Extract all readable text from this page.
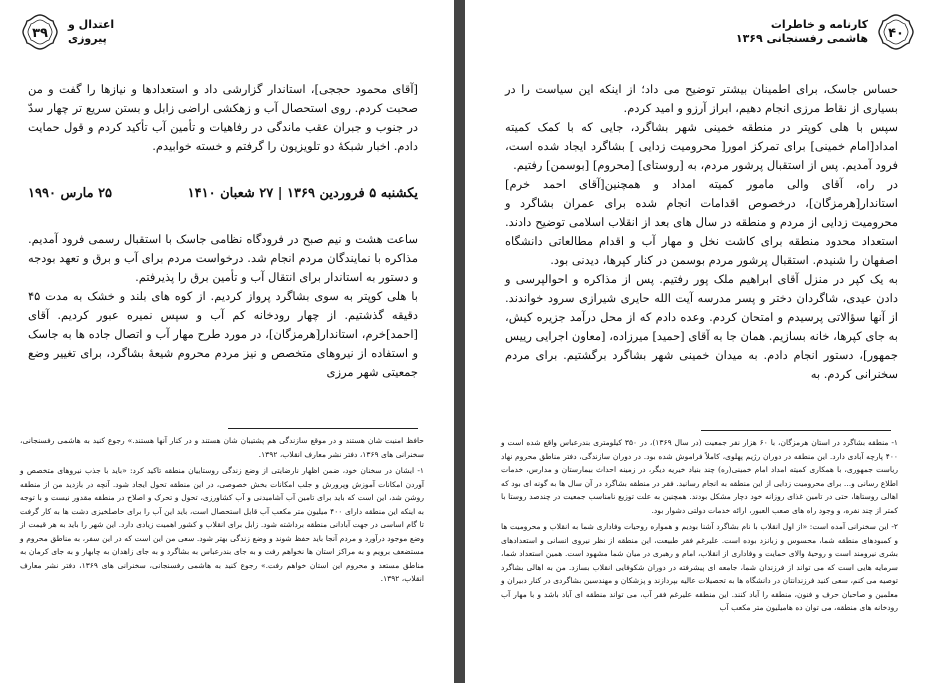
۳۹
اعتدال و
پیروزی

[آقای محمود حججی]، استاندار گزارشی داد و استعدادها و نیازها را گفت و من صحبت کردم. روی استحصال آب و زهکشی اراضی زابل و بستن سریع تر چهار سدّ در جنوب و جبران عقب ماندگی در رفاهیات و تأمین آب تأکید کردم و قول حمایت دادم. اخبار شبکهٔ دو تلویزیون را گرفتم و خسته خوابیدم.

یکشنبه ۵ فروردین ۱۳۶۹ | ۲۷ شعبان ۱۴۱۰
۲۵ مارس ۱۹۹۰

ساعت هشت و نیم صبح در فرودگاه نظامی جاسک با استقبال رسمی فرود آمدیم. مذاکره با نمایندگان مردم انجام شد. درخواست مردم برای آب و برق و تعهد بودجه و دستور به استاندار برای انتقال آب و تأمین برق را پذیرفتم.

با هلی کوپتر به سوی بشاگرد پرواز کردیم. از کوه های بلند و خشک به مدت ۴۵ دقیقه گذشتیم. از چهار رودخانه کم آب و سپس نمیره عبور کردیم. آقای [احمد]خرم، استاندار[هرمزگان]، در مورد طرح مهار آب و اتصال جاده ها به جاسک و استفاده از نیروهای متخصص و نیز مردم محروم شیعهٔ بشاگرد، برای تغییر وضع جمعیتی شهر مرزی

حافظ امنیت شان هستند و در موقع سازندگی هم پشتیبان شان هستند و در کنار آنها هستند.» رجوع کنید به هاشمی رفسنجانی، سخنرانی های ۱۳۶۹، دفتر نشر معارف انقلاب، ۱۳۹۲.

۱- ایشان در سخنان خود، ضمن اظهار نارضایتی از وضع زندگی روستاییان منطقه تاکید کرد: «باید با جذب نیروهای متخصص و آوردن امکانات آموزش وپرورش و جلب امکانات بخش خصوصی، در این منطقه تحول ایجاد شود. آنچه در بازدید من از منطقه روشن شد، این است که باید برای تامین آب آشامیدنی و آب کشاورزی، تحول و تحرک و اصلاح در منطقه مقدور نیست و با توجه به اینکه این منطقه دارای ۴۰۰ میلیون متر مکعب آب قابل استحصال است، باید این آب را برای حاصلخیزی دشت ها به کار گرفت تا گام اساسی در جهت آبادانی منطقه برداشته شود. زابل برای انقلاب و کشور اهمیت زیادی دارد. این شهر را باید به هر قیمت از وضع موجود درآورد و مردم آنجا باید حفظ شوند و وضع زندگی بهتر شود. سعی من این است که در این سفر، به مناطق محروم و مستضعف برویم و به مراکز استان ها نخواهم رفت و به جای بندرعباس به بشاگرد و به جای زاهدان به چابهار و به جای کرمان به مناطق مستعد و محروم این استان خواهم رفت.» رجوع کنید به هاشمی رفسنجانی، سخنرانی های ۱۳۶۹، دفتر نشر معارف انقلاب، ۱۳۹۲.

۴۰
کارنامه و خاطرات
هاشمی رفسنجانی ۱۳۶۹

حساس جاسک، برای اطمینان بیشتر توضیح می داد؛ از اینکه این سیاست را در بسیاری از نقاط مرزی انجام دهیم، ابراز آرزو و امید کردم.

سپس با هلی کوپتر در منطقه خمینی شهر بشاگرد، جایی که با کمک کمیته امداد[امام خمینی] برای تمرکز امور[ محرومیت زدایی ] بشاگرد ایجاد شده است، فرود آمدیم. پس از استقبال پرشور مردم، به [روستای] [محروم] [بوسمن] رفتیم.

در راه، آقای والی مامور کمیته امداد و همچنین[آقای احمد خرم] استاندار[هرمزگان]، درخصوص اقدامات انجام شده برای عمران بشاگرد و محرومیت زدایی از مردم و منطقه در سال های بعد از انقلاب اسلامی توضیح دادند. استعداد محدود منطقه برای کاشت نخل و مهار آب و اقدام مطالعاتی دانشگاه اصفهان را شنیدم. استقبال پرشور مردم بوسمن در کنار کپرها، دیدنی بود.

به یک کپر در منزل آقای ابراهیم ملک پور رفتیم. پس از مذاکره و احوالپرسی و دادن عیدی، شاگردان دختر و پسر مدرسه آیت الله حایری شیرازی سرود خواندند. از آنها سؤالاتی پرسیدم و امتحان کردم. وعده دادم که از محل درآمد جزیره کیش، به جای کپرها، خانه بسازیم. همان جا به آقای [حمید] میرزاده، [معاون اجرایی رییس جمهور]، دستور انجام دادم. به میدان خمینی شهر بشاگرد برگشتیم. برای مردم سخنرانی کردم. به

۱- منطقه بشاگرد در استان هرمزگان، با ۶۰ هزار نفر جمعیت (در سال ۱۳۶۹)، در ۳۵۰ کیلومتری بندرعباس واقع شده است و ۴۰۰ پارچه آبادی دارد. این منطقه در دوران رژیم پهلوی، کاملاً فراموش شده بود. در دوران سازندگی، دفتر مناطق محروم نهاد ریاست جمهوری، با همکاری کمیته امداد امام خمینی(ره) چند بنیاد خیریه دیگر، در زمینه احداث بیمارستان و مدارس، خدمات اطلاع رسانی و... برای محرومیت زدایی از این منطقه به انجام رسانید. فقر در منطقه بشاگرد در آن سال ها به گونه ای بود که اهالی روستاها، حتی در تامین غذای روزانه خود دچار مشکل بودند. همچنین به علت توزیع نامناسب جمعیت در چندصد روستا با کمتر از چند نفره، و وجود راه های صعب العبور، ارائه خدمات دولتی دشوار بود.

۲- این سخنرانی آمده است: «از اول انقلاب با نام بشاگرد آشنا بودیم و همواره روحیات وفاداری شما به انقلاب و محرومیت ها و کمبودهای منطقه شما، محسوس و زبانزد بوده است. علیرغم فقر طبیعت، این منطقه از نظر نیروی انسانی و استعدادهای بشری نیرومند است و روحیهٔ والای حمایت و وفاداری از انقلاب، امام و رهبری در میان شما مشهود است. همین استعداد شما، سرمایه هایی است که می تواند از فرزندان شما، جامعه ای پیشرفته در دوران شکوفایی انقلاب بسازد. من به اهالی بشاگرد توصیه می کنم، سعی کنید فرزندانتان در دانشگاه ها به تحصیلات عالیه بپردازند و پزشکان و مهندسین بشاگردی در کنار دبیران و معلمین و صاحبان حرف و فنون، منطقه را آباد کنند. این منطقه علیرغم فقر آب، می تواند منطقه ای آباد باشد و با مهار آب رودخانه های منطقه، می توان ده هامیلیون متر مکعب آب
